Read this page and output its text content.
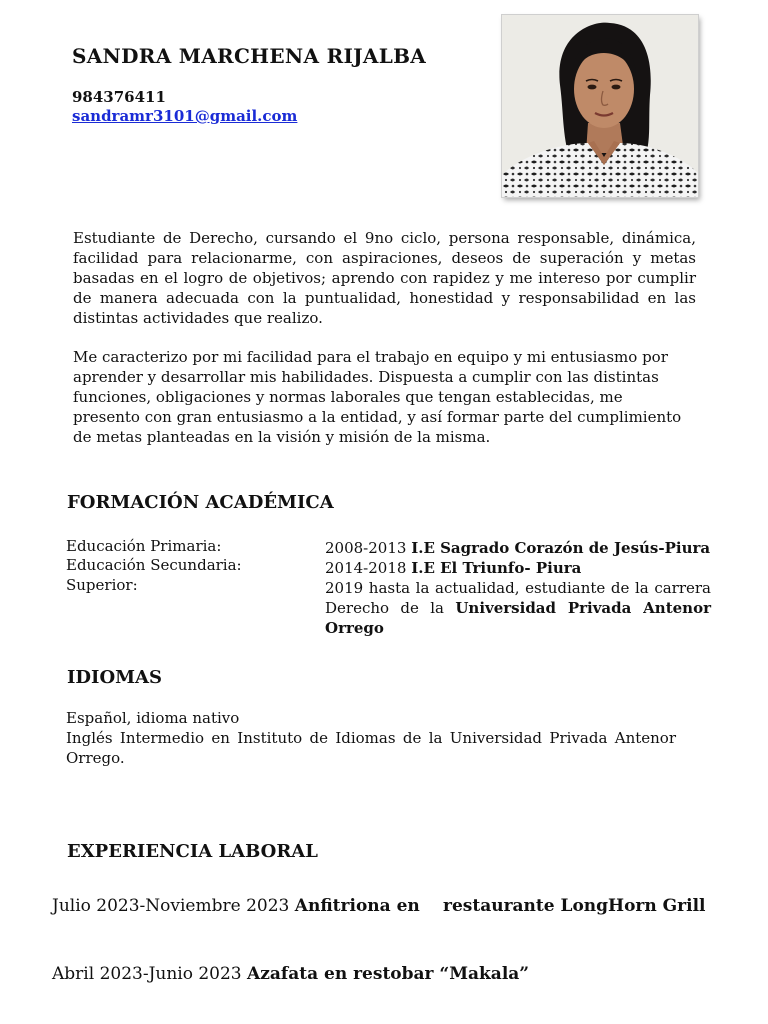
SANDRA MARCHENA RIJALBA
984376411
sandramr3101@gmail.com

Estudiante de Derecho, cursando el 9no ciclo, persona responsable, dinámica, facilidad para relacionarme, con aspiraciones, deseos de superación y metas basadas en el logro de objetivos; aprendo con rapidez y me intereso por cumplir de manera adecuada con la puntualidad, honestidad y responsabilidad en las distintas actividades que realizo.

Me caracterizo por mi facilidad para el trabajo en equipo y mi entusiasmo por
aprender y desarrollar mis habilidades. Dispuesta a cumplir con las distintas
funciones, obligaciones y normas laborales que tengan establecidas, me
presento con gran entusiasmo a la entidad, y así formar parte del cumplimiento
de metas planteadas en la visión y misión de la misma.
FORMACIÓN ACADÉMICA
Educación Primaria:
Educación Secundaria:
Superior:
2008-2013 I.E Sagrado Corazón de Jesús-Piura
2014-2018 I.E El Triunfo- Piura

2019 hasta la actualidad, estudiante de la carrera Derecho de la Universidad Privada Antenor Orrego

IDIOMAS
Español, idioma nativo

Inglés Intermedio en Instituto de Idiomas de la Universidad Privada Antenor Orrego.

EXPERIENCIA LABORAL
Julio 2023-Noviembre 2023 Anfitriona en restaurante LongHorn Grill
Abril 2023-Junio 2023 Azafata en restobar “Makala”
